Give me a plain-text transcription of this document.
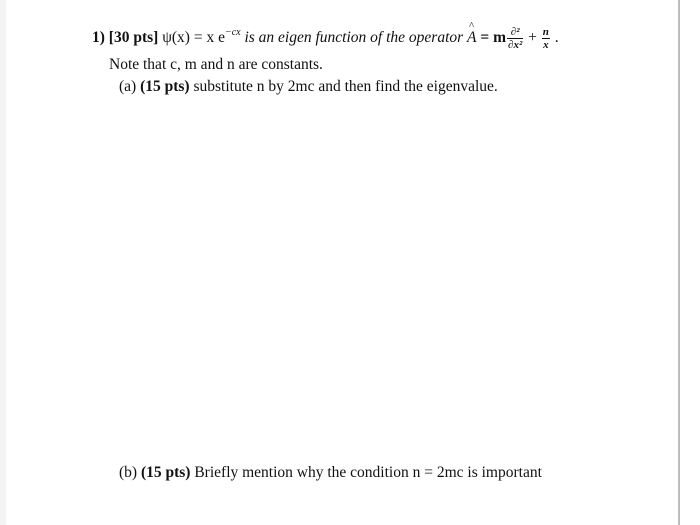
1) [30 pts] ψ(x) = x $e^{-cx}$ is an eigen function of the operator ^ A = m $\frac{\text{∂²}}{\text{∂x²}} + \frac{n}{x}$ .
Note that c, m and n are constants.
(a) (15 pts) substitute n by 2mc and then find the eigenvalue.
(b) (15 pts) Briefly mention why the condition n = 2mc is important
